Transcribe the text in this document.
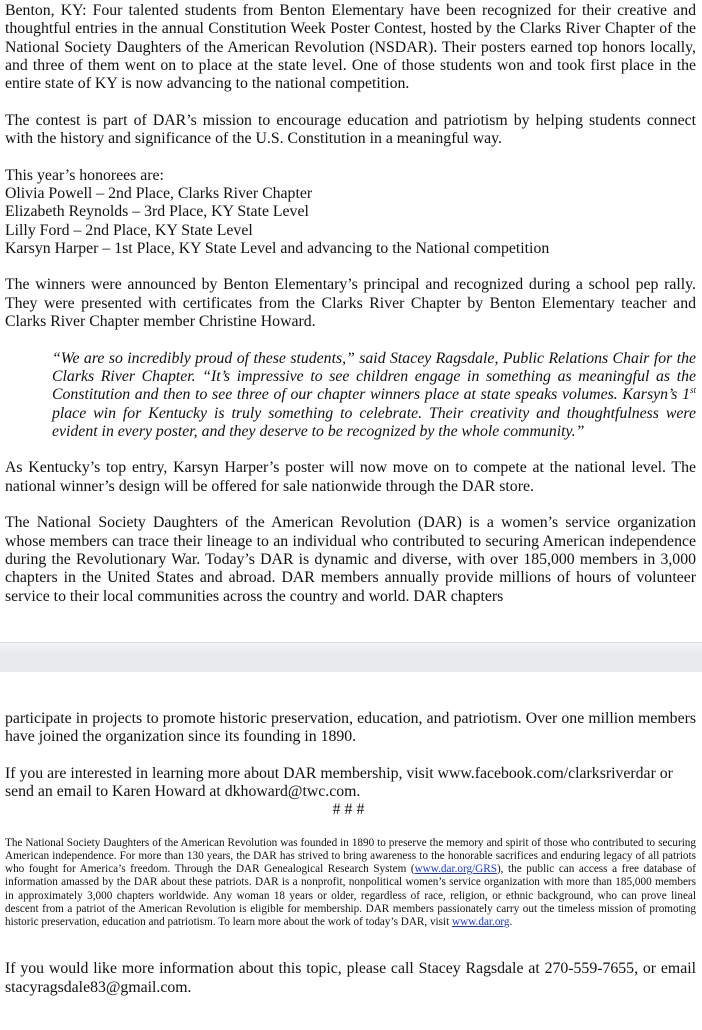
Benton, KY: Four talented students from Benton Elementary have been recognized for their creative and thoughtful entries in the annual Constitution Week Poster Contest, hosted by the Clarks River Chapter of the National Society Daughters of the American Revolution (NSDAR). Their posters earned top honors locally, and three of them went on to place at the state level. One of those students won and took first place in the entire state of KY is now advancing to the national competition.

The contest is part of DAR’s mission to encourage education and patriotism by helping students connect with the history and significance of the U.S. Constitution in a meaningful way.

This year’s honorees are:
Olivia Powell – 2nd Place, Clarks River Chapter
Elizabeth Reynolds – 3rd Place, KY State Level
Lilly Ford – 2nd Place, KY State Level
Karsyn Harper – 1st Place, KY State Level and advancing to the National competition

The winners were announced by Benton Elementary’s principal and recognized during a school pep rally. They were presented with certificates from the Clarks River Chapter by Benton Elementary teacher and Clarks River Chapter member Christine Howard.

“We are so incredibly proud of these students,” said Stacey Ragsdale, Public Relations Chair for the Clarks River Chapter. “It’s impressive to see children engage in something as meaningful as the Constitution and then to see three of our chapter winners place at state speaks volumes. Karsyn’s 1st place win for Kentucky is truly something to celebrate. Their creativity and thoughtfulness were evident in every poster, and they deserve to be recognized by the whole community.”

As Kentucky’s top entry, Karsyn Harper’s poster will now move on to compete at the national level. The national winner’s design will be offered for sale nationwide through the DAR store.

The National Society Daughters of the American Revolution (DAR) is a women’s service organization whose members can trace their lineage to an individual who contributed to securing American independence during the Revolutionary War. Today’s DAR is dynamic and diverse, with over 185,000 members in 3,000 chapters in the United States and abroad. DAR members annually provide millions of hours of volunteer service to their local communities across the country and world. DAR chapters

participate in projects to promote historic preservation, education, and patriotism. Over one million members have joined the organization since its founding in 1890.

If you are interested in learning more about DAR membership, visit www.facebook.com/clarksriverdar or
send an email to Karen Howard at dkhoward@twc.com.

###

The National Society Daughters of the American Revolution was founded in 1890 to preserve the memory and spirit of those who contributed to securing American independence. For more than 130 years, the DAR has strived to bring awareness to the honorable sacrifices and enduring legacy of all patriots who fought for America’s freedom. Through the DAR Genealogical Research System (www.dar.org/GRS), the public can access a free database of information amassed by the DAR about these patriots. DAR is a nonprofit, nonpolitical women’s service organization with more than 185,000 members in approximately 3,000 chapters worldwide. Any woman 18 years or older, regardless of race, religion, or ethnic background, who can prove lineal descent from a patriot of the American Revolution is eligible for membership. DAR members passionately carry out the timeless mission of promoting historic preservation, education and patriotism. To learn more about the work of today’s DAR, visit www.dar.org.

If you would like more information about this topic, please call Stacey Ragsdale at 270-559-7655, or email stacyragsdale83@gmail.com.
